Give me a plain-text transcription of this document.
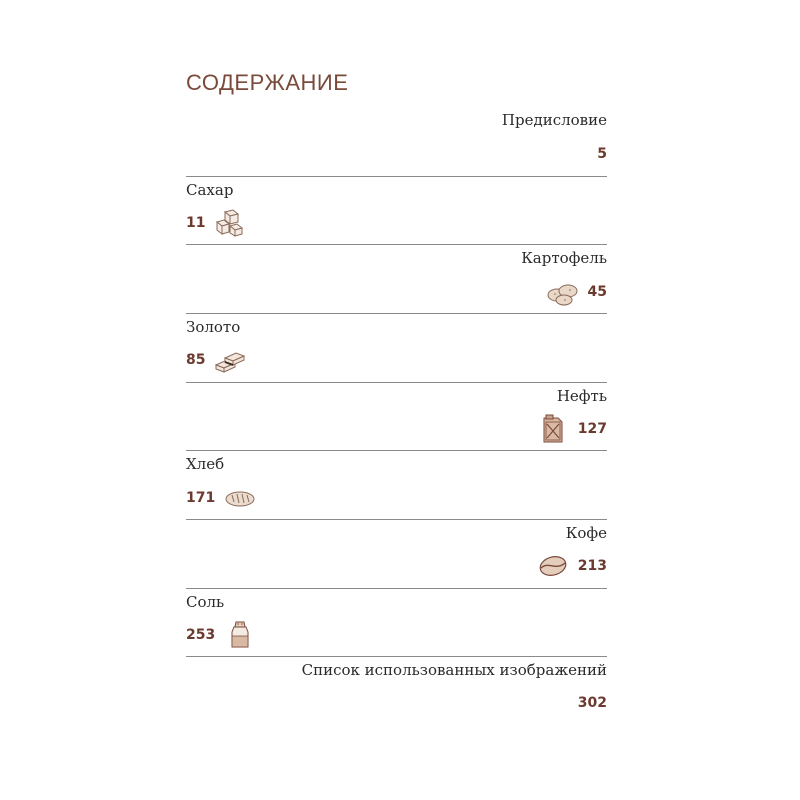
СОДЕРЖАНИЕ
Предисловие
5
Сахар
11
Картофель
45
Золото
85
Нефть
127
Хлеб
171
Кофе
213
Соль
253
Список использованных изображений
302
